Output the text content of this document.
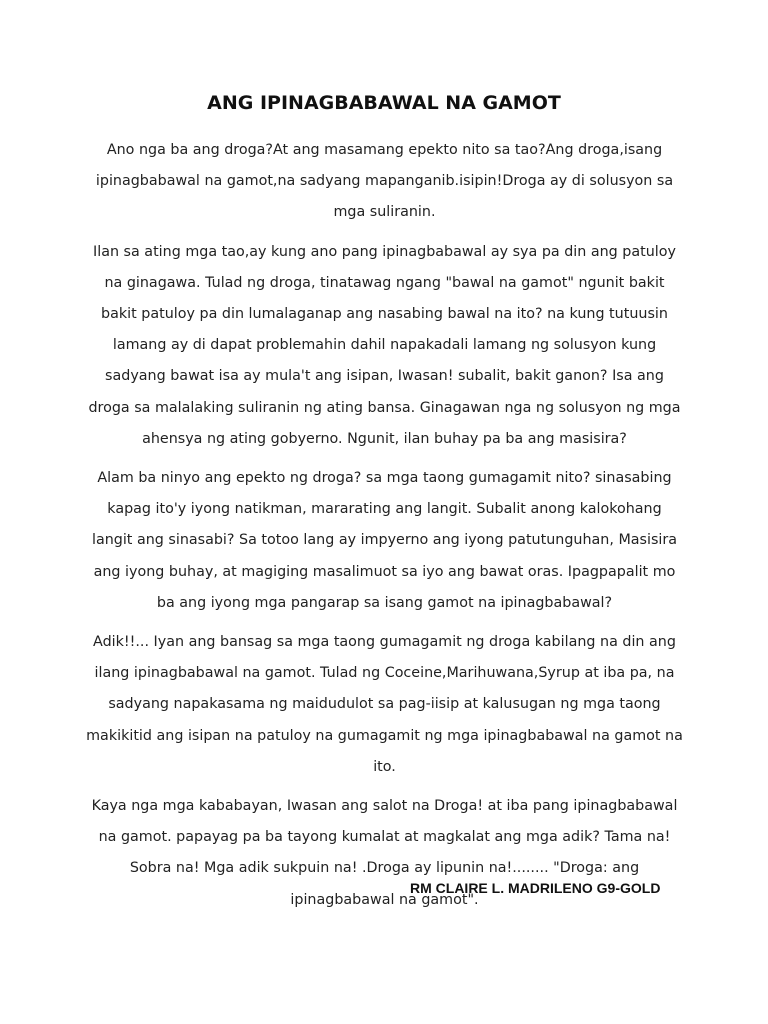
ANG IPINAGBABAWAL NA GAMOT

Ano nga ba ang droga?At ang masamang epekto nito sa tao?Ang droga,isang ipinagbabawal na gamot,na sadyang mapanganib.isipin!Droga ay di solusyon sa mga suliranin.

Ilan sa ating mga tao,ay kung ano pang ipinagbabawal ay sya pa din ang patuloy na ginagawa. Tulad ng droga, tinatawag ngang "bawal na gamot" ngunit bakit bakit patuloy pa din lumalaganap ang nasabing bawal na ito? na kung tutuusin lamang ay di dapat problemahin dahil napakadali lamang ng solusyon kung sadyang bawat isa ay mula't ang isipan, Iwasan! subalit, bakit ganon? Isa ang droga sa malalaking suliranin ng ating bansa. Ginagawan nga ng solusyon ng mga ahensya ng ating gobyerno. Ngunit, ilan buhay pa ba ang masisira?

Alam ba ninyo ang epekto ng droga? sa mga taong gumagamit nito? sinasabing kapag ito'y iyong natikman, mararating ang langit. Subalit anong kalokohang langit ang sinasabi? Sa totoo lang ay impyerno ang iyong patutunguhan, Masisira ang iyong buhay, at magiging masalimuot sa iyo ang bawat oras. Ipagpapalit mo ba ang iyong mga pangarap sa isang gamot na ipinagbabawal?

Adik!!... Iyan ang bansag sa mga taong gumagamit ng droga kabilang na din ang ilang ipinagbabawal na gamot. Tulad ng Coceine,Marihuwana,Syrup at iba pa, na sadyang napakasama ng maidudulot sa pag-iisip at kalusugan ng mga taong makikitid ang isipan na patuloy na gumagamit ng mga ipinagbabawal na gamot na ito.

Kaya nga mga kababayan, Iwasan ang salot na Droga! at iba pang ipinagbabawal na gamot. papayag pa ba tayong kumalat at magkalat ang mga adik? Tama na! Sobra na! Mga adik sukpuin na! .Droga ay lipunin na!........ "Droga: ang ipinagbabawal na gamot".

RM CLAIRE L. MADRILENO G9-GOLD
